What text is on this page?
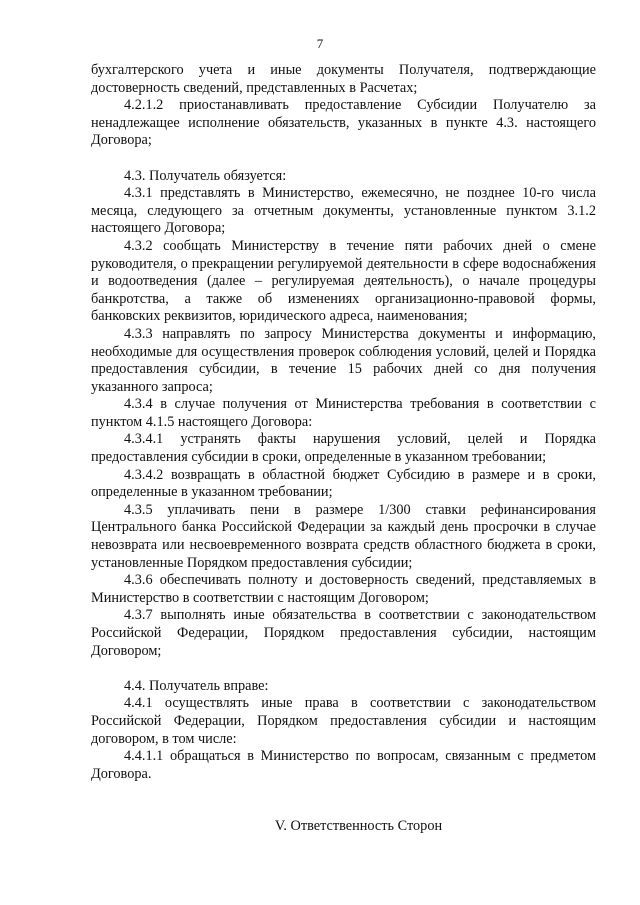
7

бухгалтерского учета и иные документы Получателя, подтверждающие достоверность сведений, представленных в Расчетах;

4.2.1.2 приостанавливать предоставление Субсидии Получателю за ненадлежащее исполнение обязательств, указанных в пункте 4.3. настоящего Договора;

4.3. Получатель обязуется:

4.3.1 представлять в Министерство, ежемесячно, не позднее 10-го числа месяца, следующего за отчетным документы, установленные пунктом 3.1.2 настоящего Договора;

4.3.2 сообщать Министерству в течение пяти рабочих дней о смене руководителя, о прекращении регулируемой деятельности в сфере водоснабжения и водоотведения (далее – регулируемая деятельность), о начале процедуры банкротства, а также об изменениях организационно-правовой формы, банковских реквизитов, юридического адреса, наименования;

4.3.3 направлять по запросу Министерства документы и информацию, необходимые для осуществления проверок соблюдения условий, целей и Порядка предоставления субсидии, в течение 15 рабочих дней со дня получения указанного запроса;

4.3.4 в случае получения от Министерства требования в соответствии с пунктом 4.1.5 настоящего Договора:

4.3.4.1 устранять факты нарушения условий, целей и Порядка предоставления субсидии в сроки, определенные в указанном требовании;

4.3.4.2 возвращать в областной бюджет Субсидию в размере и в сроки, определенные в указанном требовании;

4.3.5 уплачивать пени в размере 1/300 ставки рефинансирования Центрального банка Российской Федерации за каждый день просрочки в случае невозврата или несвоевременного возврата средств областного бюджета в сроки, установленные Порядком предоставления субсидии;

4.3.6 обеспечивать полноту и достоверность сведений, представляемых в Министерство в соответствии с настоящим Договором;

4.3.7 выполнять иные обязательства в соответствии с законодательством Российской Федерации, Порядком предоставления субсидии, настоящим Договором;

4.4. Получатель вправе:

4.4.1 осуществлять иные права в соответствии с законодательством Российской Федерации, Порядком предоставления субсидии и настоящим договором, в том числе:

4.4.1.1 обращаться в Министерство по вопросам, связанным с предметом Договора.

V. Ответственность Сторон
